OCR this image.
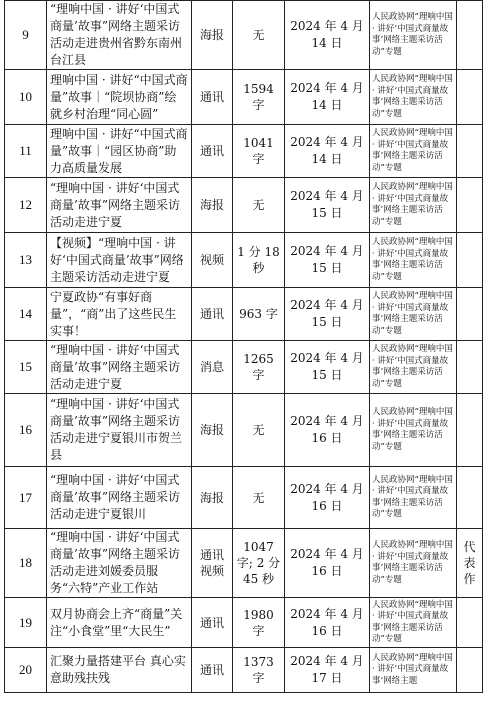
9	“理响中国 · 讲好‘中国式商量’故事”网络主题采访活动走进贵州省黔东南州台江县	海报	无	2024 年 4 月 14 日	人民政协网“理响中国 · 讲好‘中国式商量故事’网络主题采访活动”专题	
10	理响中国 · 讲好“中国式商量”故事｜“院坝协商”绘就乡村治理“同心圆”	通讯	1594 字	2024 年 4 月 14 日	人民政协网“理响中国 · 讲好‘中国式商量故事’网络主题采访活动”专题	
11	理响中国 · 讲好“中国式商量”故事｜“园区协商”助力高质量发展	通讯	1041 字	2024 年 4 月 14 日	人民政协网“理响中国 · 讲好‘中国式商量故事’网络主题采访活动”专题	
12	“理响中国 · 讲好‘中国式商量’故事”网络主题采访活动走进宁夏	海报	无	2024 年 4 月 15 日	人民政协网“理响中国 · 讲好‘中国式商量故事’网络主题采访活动”专题	
13	【视频】“理响中国 · 讲好‘中国式商量’故事”网络主题采访活动走进宁夏	视频	1 分 18 秒	2024 年 4 月 15 日	人民政协网“理响中国 · 讲好‘中国式商量故事’网络主题采访活动”专题	
14	宁夏政协“有事好商量”，“商”出了这些民生实事！	通讯	963 字	2024 年 4 月 15 日	人民政协网“理响中国 · 讲好‘中国式商量故事’网络主题采访活动”专题	
15	“理响中国 · 讲好‘中国式商量’故事”网络主题采访活动走进宁夏	消息	1265 字	2024 年 4 月 15 日	人民政协网“理响中国 · 讲好‘中国式商量故事’网络主题采访活动”专题	
16	“理响中国 · 讲好‘中国式商量’故事”网络主题采访活动走进宁夏银川市贺兰县	海报	无	2024 年 4 月 16 日	人民政协网“理响中国 · 讲好‘中国式商量故事’网络主题采访活动”专题	
17	“理响中国 · 讲好‘中国式商量’故事”网络主题采访活动走进宁夏银川	海报	无	2024 年 4 月 16 日	人民政协网“理响中国 · 讲好‘中国式商量故事’网络主题采访活动”专题	
18	“理响中国 · 讲好‘中国式商量’故事”网络主题采访活动走进刘媛委员服务“六特”产业工作站	通讯 视频	1047 字; 2 分 45 秒	2024 年 4 月 16 日	人民政协网“理响中国 · 讲好‘中国式商量故事’网络主题采访活动”专题	代表作
19	双月协商会上齐“商量”关注“小食堂”里“大民生”	通讯	1980 字	2024 年 4 月 16 日	人民政协网“理响中国 · 讲好‘中国式商量故事’网络主题采访活动”专题	
20	汇聚力量搭建平台 真心实意助残扶残	通讯	1373 字	2024 年 4 月 17 日	人民政协网“理响中国 · 讲好‘中国式商量故事’网络主题	
